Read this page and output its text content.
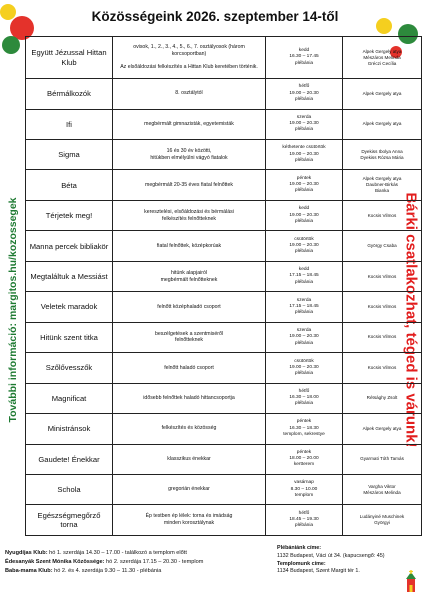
Közösségeink 2026. szeptember 14-től
További információ: margitos.hu/kozossegek	Bárki csatlakozhat, téged is várunk!
Együtt Jézussal Hittan Klub	ovisok, 1., 2., 3., 4., 5., 6., 7. osztályosok (három korcsoportban)

Az elsőáldozási felkészítés a Hittan Klub keretében történik.	kedd
16.30 – 17.45
plébánia	Alpek Gergely atya
Mészáros Melinda
Gréczi Cecília
Bérmálkozók	8. osztálytól	hétfő
19.00 – 20.30
plébánia	Alpek Gergely atya
Ifi	megbérmált gimnazisták, egyetemisták	szerda
19.00 – 20.30
plébánia	Alpek Gergely atya
Sigma	16 és 30 év közötti,
hitükben elmélyülni vágyó fiatalok	kéthetente csütörtök
19.00 – 20.30
plébánia	Dyekiss Ibolya Anna
Dyekiss Rózsa Mária
Béta	megbérmált 20-35 éves fiatal felnőttek	péntek
19.00 – 20.30
plébánia	Alpek Gergely atya
Daubner-Birkás
Bianka
Térjetek meg!	keresztelési, elsőáldozási és bérmálási
felkészítés felnőtteknek	kedd
19.00 – 20.30
plébánia	Kocsis Vilmos
Manna percek bibliakör	fiatal felnőttek, középkorúak	csütörtök
19.00 – 20.30
plébánia	György Csaba
Megtaláltuk a Messiást	hitünk alapjairól
megbérmált felnőtteknek	kedd
17.15 – 18.45
plébánia	Kocsis Vilmos
Veletek maradok	felnőtt középhaladó csoport	szerda
17.15 – 18.45
plébánia	Kocsis Vilmos
Hitünk szent titka	beszélgetések a szentmiséről
felnőtteknek	szerda
19.00 – 20.30
plébánia	Kocsis Vilmos
Szőlővesszők	felnőtt haladó csoport	csütörtök
19.00 – 20.30
plébánia	Kocsis Vilmos
Magnificat	idősebb felnőttek haladó hittancsoportja	hétfő
16.30 – 18.00
plébánia	Rétsághy Zsolt
Ministránsok	felkészítés és közösség	péntek
16.30 – 18.30
templom, sekrestye	Alpek Gergely atya
Gaudete! Énekkar	klasszikus énekkar	péntek
18.00 – 20.00
kertterem	Gyarmati Tóth Tamás
Schola	gregorián énekkar	vasárnap
8.30 – 10.00
templom	Vargha Viktor
Mészáros Melinda
Egészségmegőrző torna	Ép testben ép lélek: torna és imádság
minden korosztálynak	hétfő
18.45 – 19.30
plébánia	Ludányiné Muschinek
Györgyi
Nyugdíjas Klub: hó 1. szerdája 14.30 – 17.00 - találkozó a templom előtt
Édesanyák Szent Mónika Közössége: hó 2. szerdája 17.15 – 20.30 - templom
Baba-mama Klub: hó 2. és 4. szerdája 9.30 – 11.30 - plébánia
Plébániánk címe:
1132 Budapest, Váci út 34. (kapucsengő: 45)
Templomunk címe:
1134 Budapest, Szent Margit tér 1.
